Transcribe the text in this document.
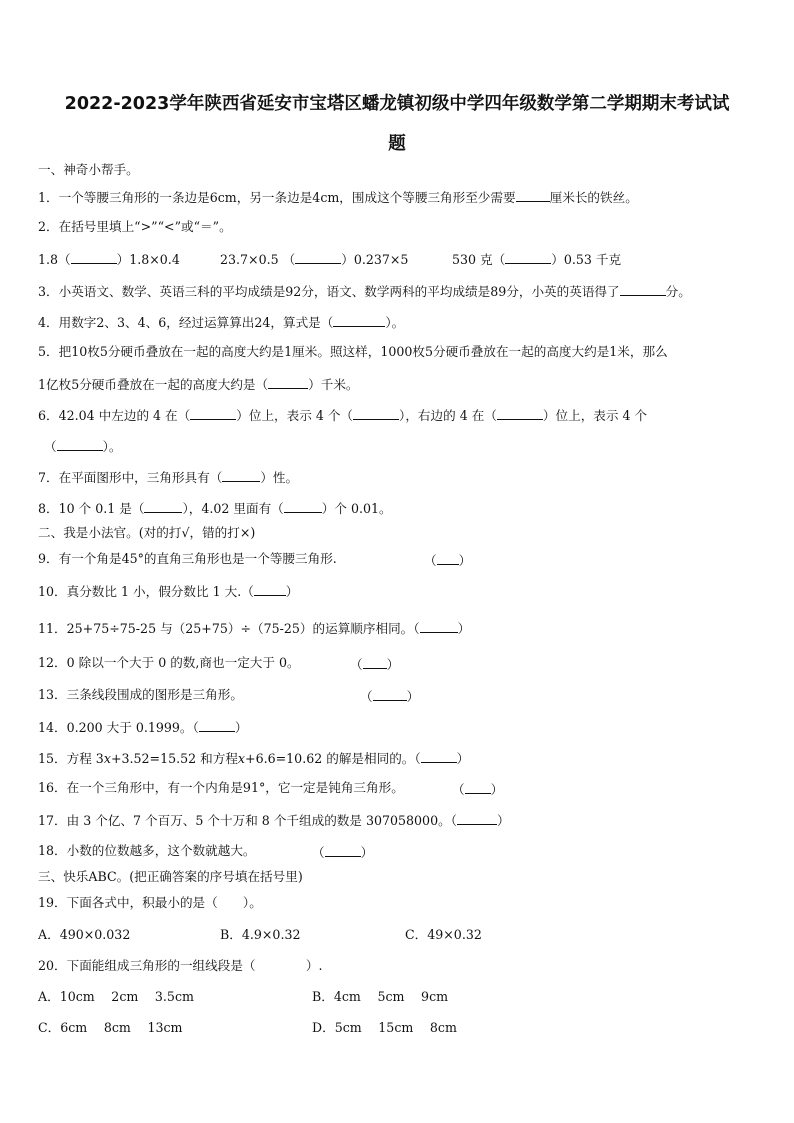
2022-2023学年陕西省延安市宝塔区蟠龙镇初级中学四年级数学第二学期期末考试试
题
一、神奇小帮手。
1．一个等腰三角形的一条边是6cm，另一条边是4cm，围成这个等腰三角形至少需要	厘米长的铁丝。
2．在括号里填上“>”“<”或“＝”。
1.8（	）1.8×0.4	23.7×0.5 （	）0.237×5	530 克（	）0.53 千克
3．小英语文、数学、英语三科的平均成绩是92分，语文、数学两科的平均成绩是89分，小英的英语得了	分。
4．用数字2、3、4、6，经过运算算出24，算式是（	）。
5．把10枚5分硬币叠放在一起的高度大约是1厘米。照这样，1000枚5分硬币叠放在一起的高度大约是1米，那么
1亿枚5分硬币叠放在一起的高度大约是（	）千米。
6．42.04 中左边的 4 在（	）位上，表示 4 个（	），右边的 4 在（	）位上，表示 4 个
（	）。
7．在平面图形中，三角形具有（	）性。
8．10 个 0.1 是（	），4.02 里面有（	）个 0.01。
二、我是小法官。(对的打√，错的打×)
9．有一个角是45°的直角三角形也是一个等腰三角形.	（ ）
10．真分数比 1 小，假分数比 1 大.（	）
11．25+75÷75-25 与（25+75）÷（75-25）的运算顺序相同。（	）
12．0 除以一个大于 0 的数,商也一定大于 0。	（ ）
13．三条线段围成的图形是三角形。	（	）
14．0.200 大于 0.1999。（	）
15．方程 3x+3.52=15.52 和方程x+6.6=10.62 的解是相同的。（	）
16．在一个三角形中，有一个内角是91°，它一定是钝角三角形。	（ ）
17．由 3 个亿、7 个百万、5 个十万和 8 个千组成的数是 307058000。（	）
18．小数的位数越多，这个数就越大。	（	）
三、快乐ABC。(把正确答案的序号填在括号里)
19．下面各式中，积最小的是（　　）。
A．490×0.032	B．4.9×0.32	C．49×0.32
20．下面能组成三角形的一组线段是（　　　　）.
A．10cm　 2cm　 3.5cm	B．4cm　 5cm　 9cm
C．6cm　 8cm　 13cm	D．5cm　 15cm　 8cm
